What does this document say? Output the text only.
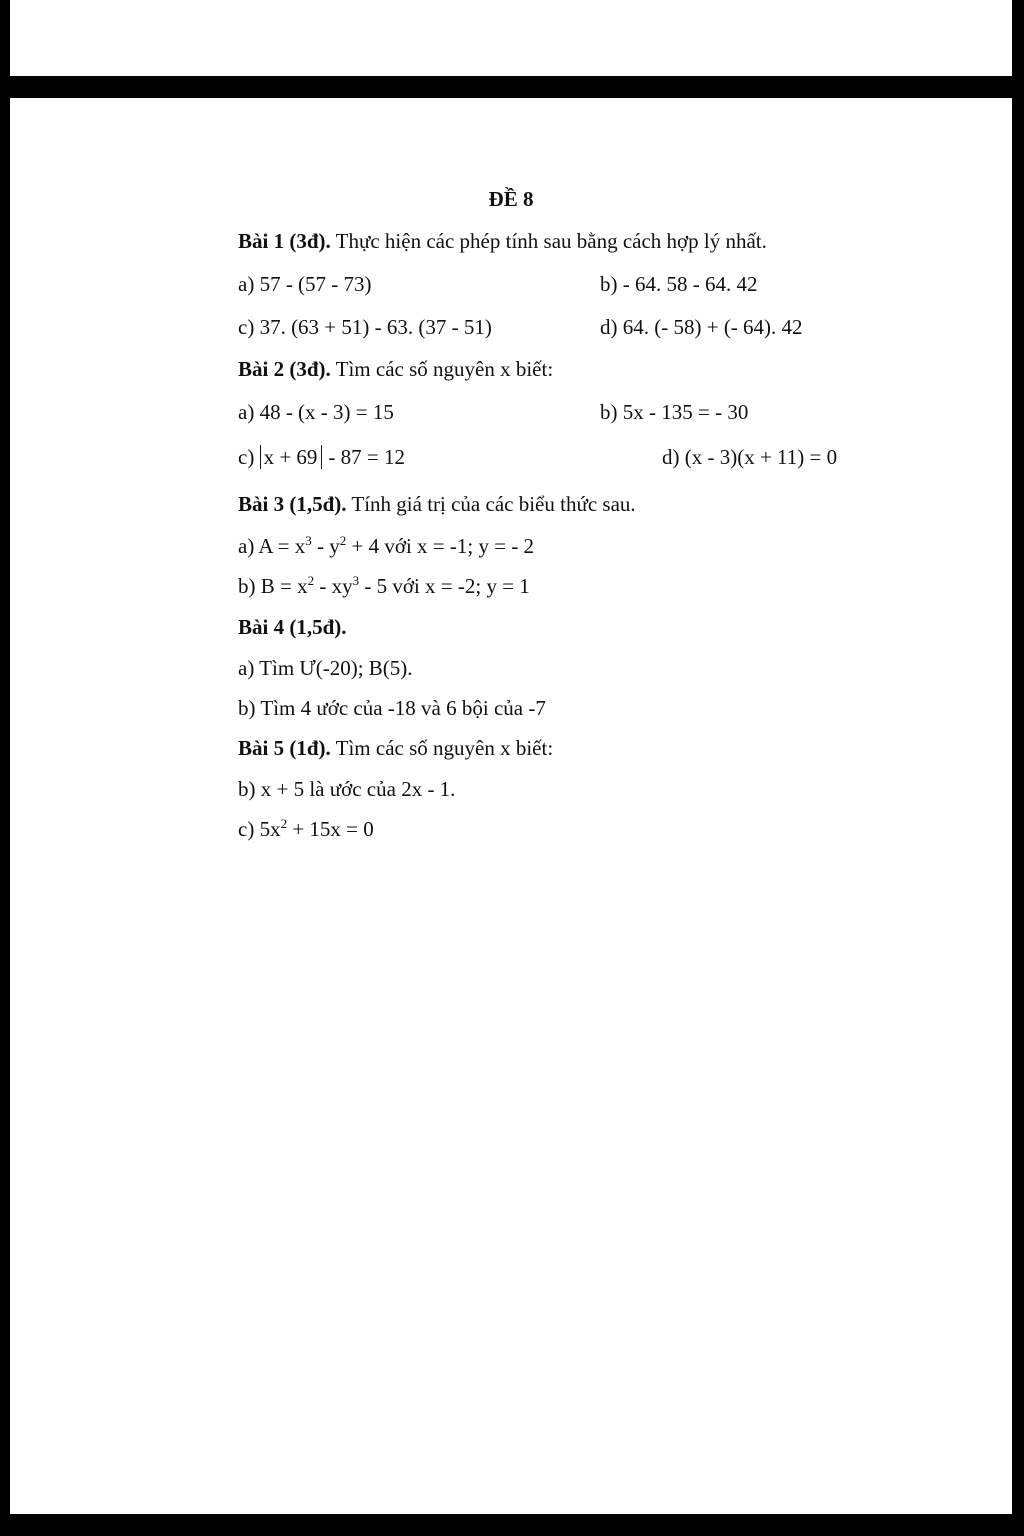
ĐỀ 8
Bài 1 (3đ). Thực hiện các phép tính sau bằng cách hợp lý nhất.
a) 57 - (57 - 73)	b) - 64. 58 - 64. 42
c) 37. (63 + 51) - 63. (37 - 51)	d) 64. (- 58) + (- 64). 42
Bài 2 (3đ). Tìm các số nguyên x biết:
a) 48 - (x - 3) = 15	b) 5x - 135 = - 30
c) x + 69 - 87 = 12	d) (x - 3)(x + 11) = 0
Bài 3 (1,5đ). Tính giá trị của các biểu thức sau.
a) $A = x^3 - y^2 + 4$ với x = -1; y = - 2
b) $B = x^2 - xy^3 - 5$ với x = -2; y = 1
Bài 4 (1,5đ).
a) Tìm Ư(-20); B(5).
b) Tìm 4 ước của -18 và 6 bội của -7
Bài 5 (1đ). Tìm các số nguyên x biết:
b) x + 5 là ước của 2x - 1.
c) $5x^2 + 15x = 0$
